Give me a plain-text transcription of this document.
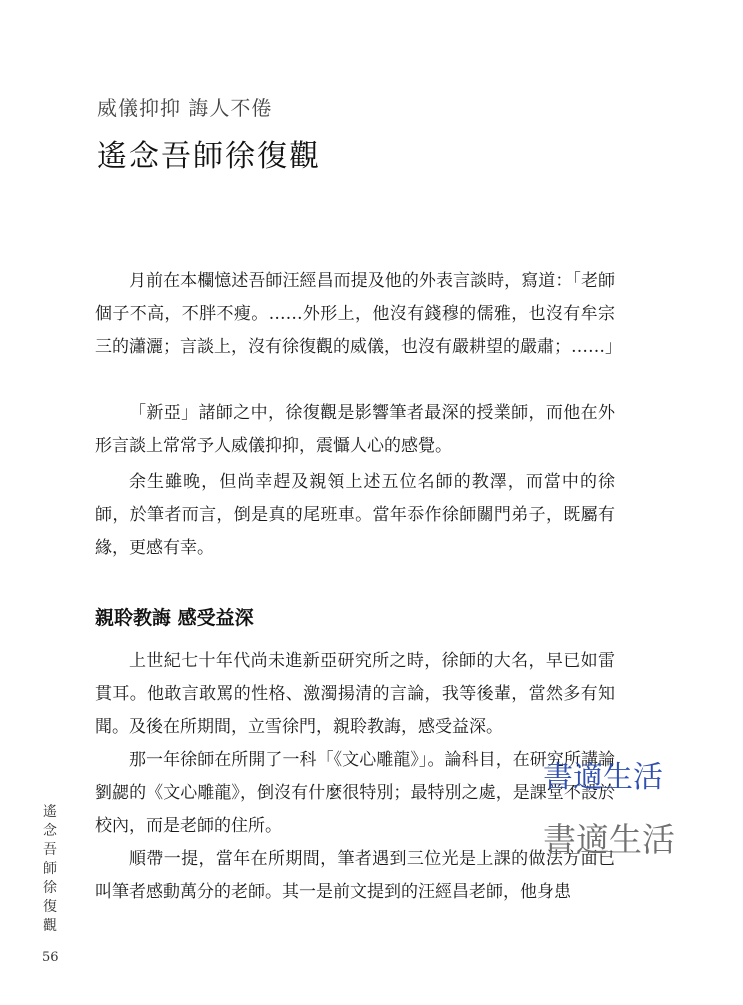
威儀抑抑 誨人不倦
遙念吾師徐復觀

月前在本欄憶述吾師汪經昌而提及他的外表言談時，寫道：「老師個子不高，不胖不瘦。……外形上，他沒有錢穆的儒雅，也沒有牟宗三的瀟灑；言談上，沒有徐復觀的威儀，也沒有嚴耕望的嚴肅；……」

「新亞」諸師之中，徐復觀是影響筆者最深的授業師，而他在外形言談上常常予人威儀抑抑，震懾人心的感覺。

余生雖晚，但尚幸趕及親領上述五位名師的教澤，而當中的徐師，於筆者而言，倒是真的尾班車。當年忝作徐師關門弟子，既屬有緣，更感有幸。

親聆教誨 感受益深

上世紀七十年代尚未進新亞研究所之時，徐師的大名，早已如雷貫耳。他敢言敢罵的性格、激濁揚清的言論，我等後輩，當然多有知聞。及後在所期間，立雪徐門，親聆教誨，感受益深。

那一年徐師在所開了一科「《文心雕龍》」。論科目，在研究所講論劉勰的《文心雕龍》，倒沒有什麼很特別；最特別之處，是課堂不設於校內，而是老師的住所。

順帶一提，當年在所期間，筆者遇到三位光是上課的做法方面已叫筆者感動萬分的老師。其一是前文提到的汪經昌老師，他身患

書適生活
書適生活
遙念吾師徐復觀
56
